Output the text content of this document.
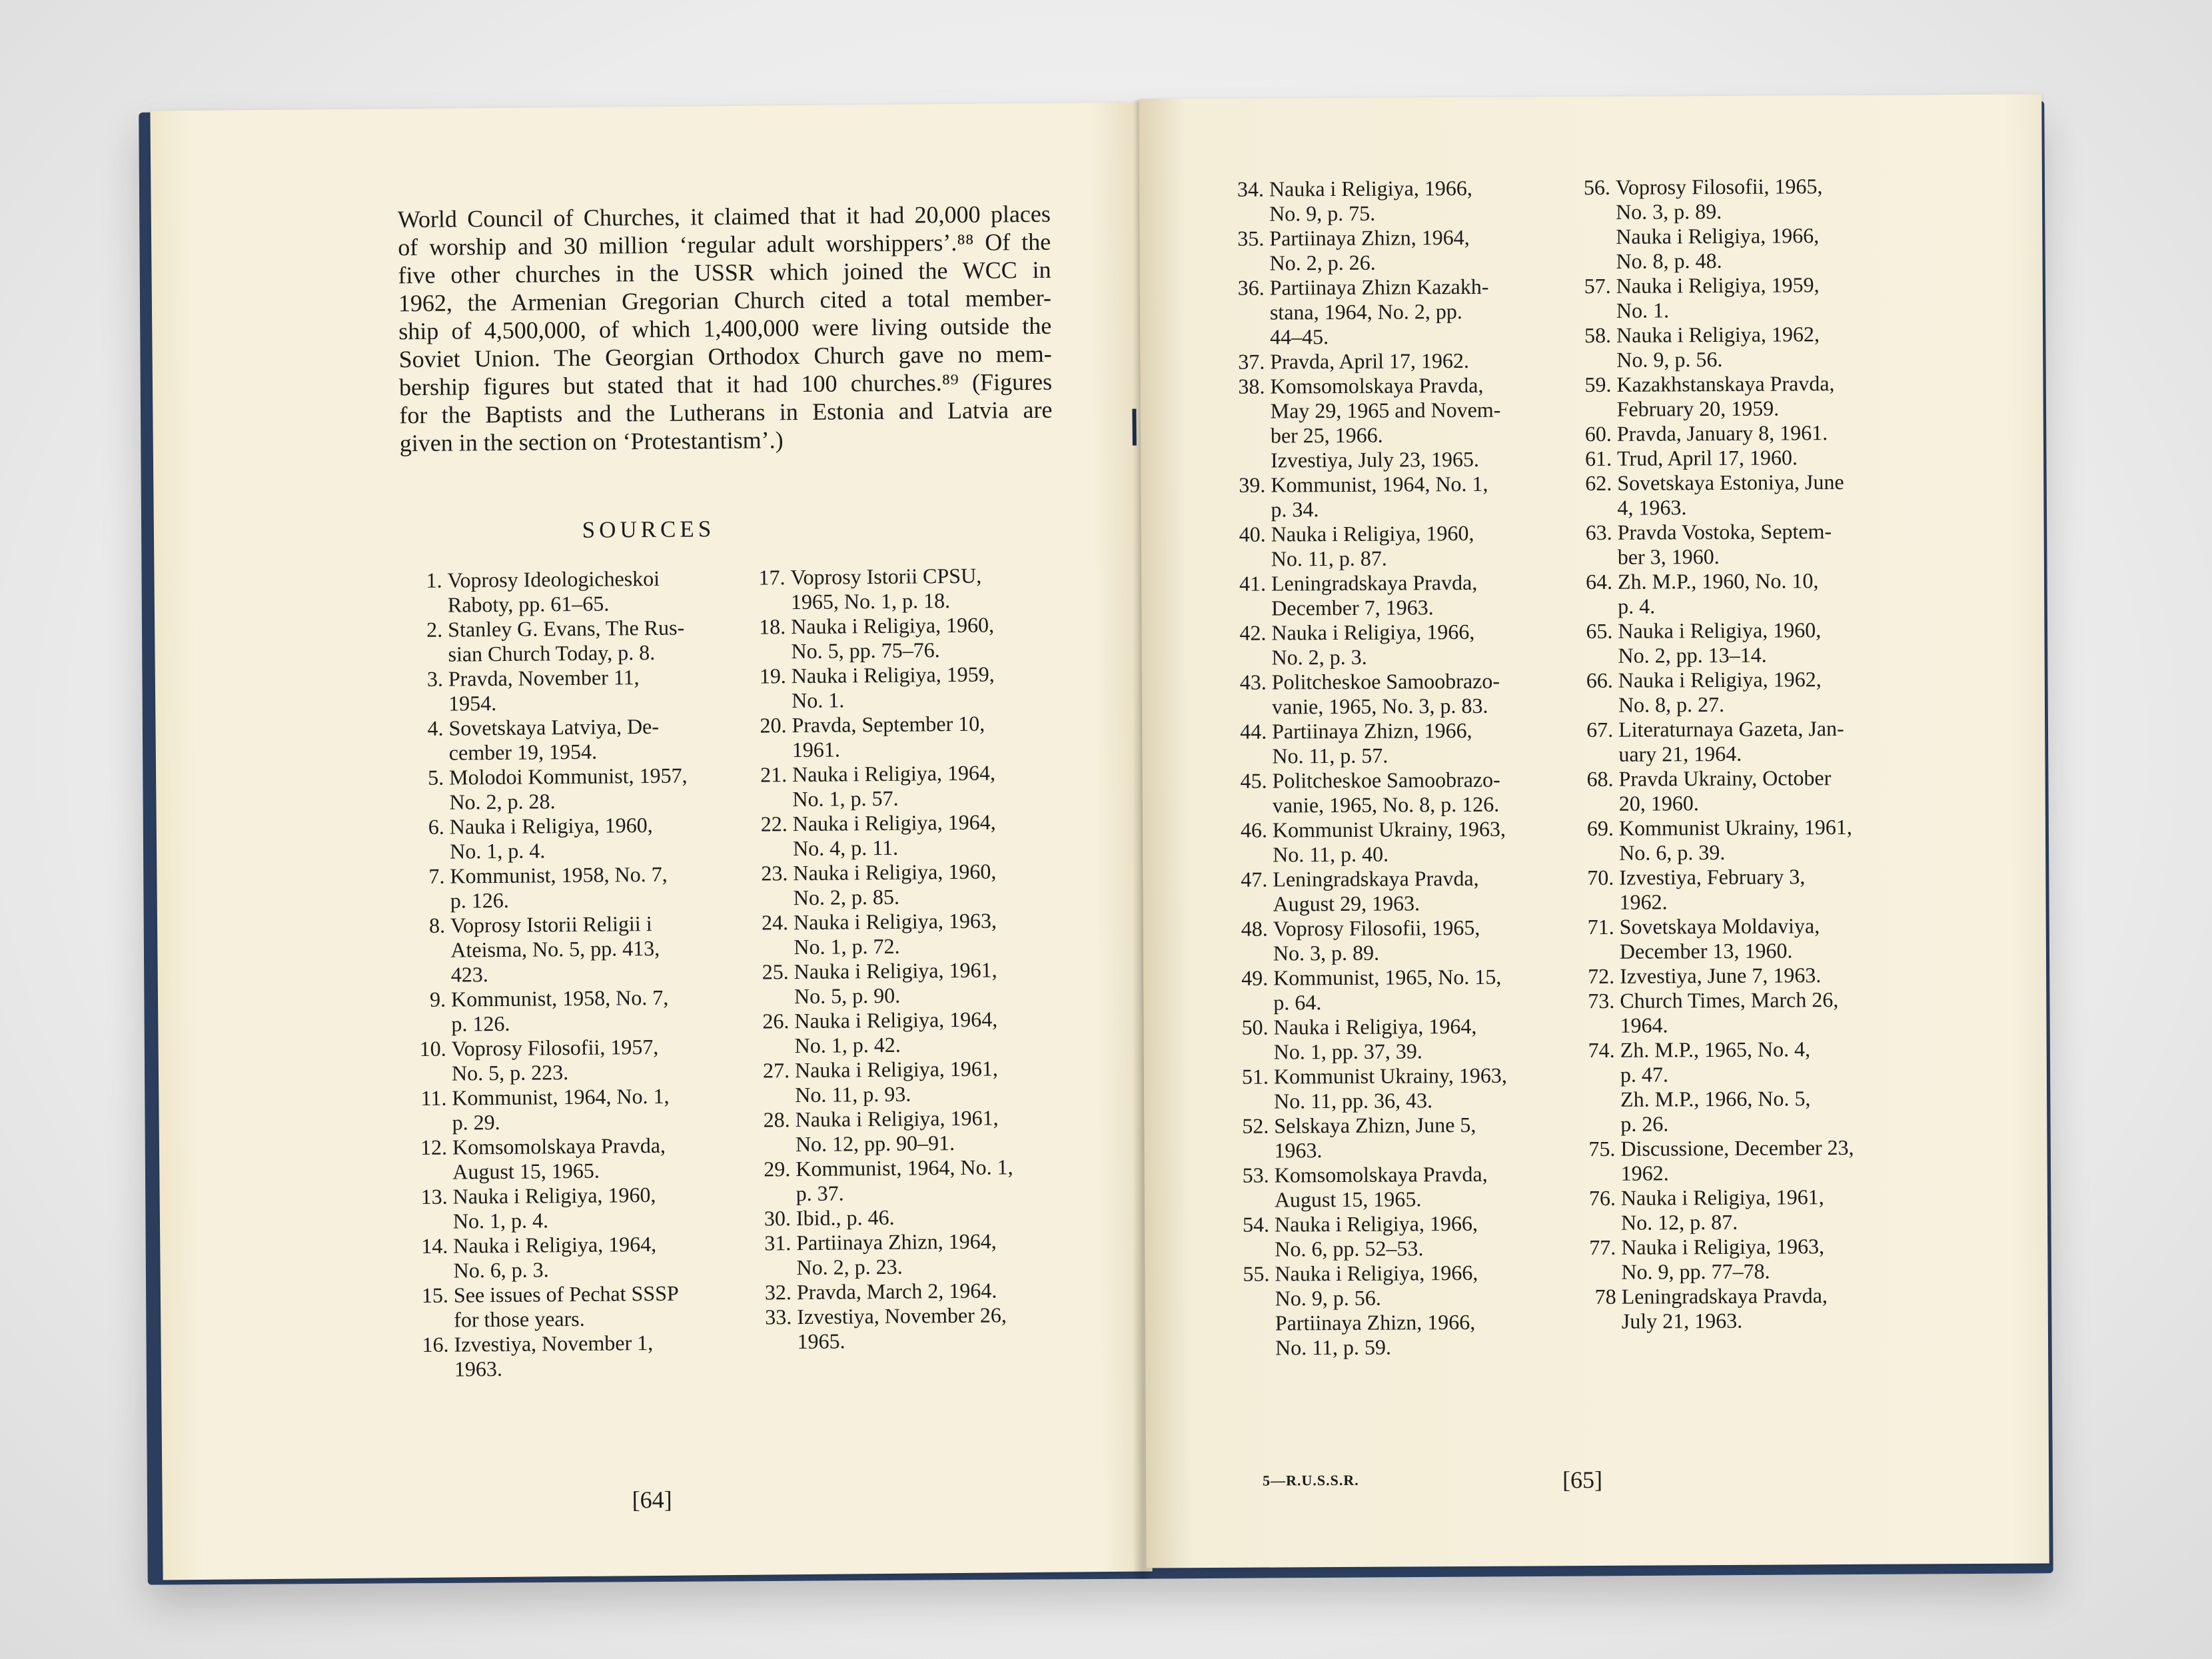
World Council of Churches, it claimed that it had 20,000 places
of worship and 30 million ‘regular adult worshippers’.⁸⁸ Of the
five other churches in the USSR which joined the WCC in
1962, the Armenian Gregorian Church cited a total member-
ship of 4,500,000, of which 1,400,000 were living outside the
Soviet Union. The Georgian Orthodox Church gave no mem-
bership figures but stated that it had 100 churches.⁸⁹ (Figures
for the Baptists and the Lutherans in Estonia and Latvia are
given in the section on ‘Protestantism’.)
SOURCES
1. Voprosy Ideologicheskoi
Raboty, pp. 61–65.
2. Stanley G. Evans, The Rus-
sian Church Today, p. 8.
3. Pravda, November 11,
1954.
4. Sovetskaya Latviya, De-
cember 19, 1954.
5. Molodoi Kommunist, 1957,
No. 2, p. 28.
6. Nauka i Religiya, 1960,
No. 1, p. 4.
7. Kommunist, 1958, No. 7,
p. 126.
8. Voprosy Istorii Religii i
Ateisma, No. 5, pp. 413,
423.
9. Kommunist, 1958, No. 7,
p. 126.
10. Voprosy Filosofii, 1957,
No. 5, p. 223.
11. Kommunist, 1964, No. 1,
p. 29.
12. Komsomolskaya Pravda,
August 15, 1965.
13. Nauka i Religiya, 1960,
No. 1, p. 4.
14. Nauka i Religiya, 1964,
No. 6, p. 3.
15. See issues of Pechat SSSP
for those years.
16. Izvestiya, November 1,
1963.
17. Voprosy Istorii CPSU,
1965, No. 1, p. 18.
18. Nauka i Religiya, 1960,
No. 5, pp. 75–76.
19. Nauka i Religiya, 1959,
No. 1.
20. Pravda, September 10,
1961.
21. Nauka i Religiya, 1964,
No. 1, p. 57.
22. Nauka i Religiya, 1964,
No. 4, p. 11.
23. Nauka i Religiya, 1960,
No. 2, p. 85.
24. Nauka i Religiya, 1963,
No. 1, p. 72.
25. Nauka i Religiya, 1961,
No. 5, p. 90.
26. Nauka i Religiya, 1964,
No. 1, p. 42.
27. Nauka i Religiya, 1961,
No. 11, p. 93.
28. Nauka i Religiya, 1961,
No. 12, pp. 90–91.
29. Kommunist, 1964, No. 1,
p. 37.
30. Ibid., p. 46.
31. Partiinaya Zhizn, 1964,
No. 2, p. 23.
32. Pravda, March 2, 1964.
33. Izvestiya, November 26,
1965.
[64]
34. Nauka i Religiya, 1966,
No. 9, p. 75.
35. Partiinaya Zhizn, 1964,
No. 2, p. 26.
36. Partiinaya Zhizn Kazakh-
stana, 1964, No. 2, pp.
44–45.
37. Pravda, April 17, 1962.
38. Komsomolskaya Pravda,
May 29, 1965 and Novem-
ber 25, 1966.
Izvestiya, July 23, 1965.
39. Kommunist, 1964, No. 1,
p. 34.
40. Nauka i Religiya, 1960,
No. 11, p. 87.
41. Leningradskaya Pravda,
December 7, 1963.
42. Nauka i Religiya, 1966,
No. 2, p. 3.
43. Politcheskoe Samoobrazo-
vanie, 1965, No. 3, p. 83.
44. Partiinaya Zhizn, 1966,
No. 11, p. 57.
45. Politcheskoe Samoobrazo-
vanie, 1965, No. 8, p. 126.
46. Kommunist Ukrainy, 1963,
No. 11, p. 40.
47. Leningradskaya Pravda,
August 29, 1963.
48. Voprosy Filosofii, 1965,
No. 3, p. 89.
49. Kommunist, 1965, No. 15,
p. 64.
50. Nauka i Religiya, 1964,
No. 1, pp. 37, 39.
51. Kommunist Ukrainy, 1963,
No. 11, pp. 36, 43.
52. Selskaya Zhizn, June 5,
1963.
53. Komsomolskaya Pravda,
August 15, 1965.
54. Nauka i Religiya, 1966,
No. 6, pp. 52–53.
55. Nauka i Religiya, 1966,
No. 9, p. 56.
Partiinaya Zhizn, 1966,
No. 11, p. 59.
56. Voprosy Filosofii, 1965,
No. 3, p. 89.
Nauka i Religiya, 1966,
No. 8, p. 48.
57. Nauka i Religiya, 1959,
No. 1.
58. Nauka i Religiya, 1962,
No. 9, p. 56.
59. Kazakhstanskaya Pravda,
February 20, 1959.
60. Pravda, January 8, 1961.
61. Trud, April 17, 1960.
62. Sovetskaya Estoniya, June
4, 1963.
63. Pravda Vostoka, Septem-
ber 3, 1960.
64. Zh. M.P., 1960, No. 10,
p. 4.
65. Nauka i Religiya, 1960,
No. 2, pp. 13–14.
66. Nauka i Religiya, 1962,
No. 8, p. 27.
67. Literaturnaya Gazeta, Jan-
uary 21, 1964.
68. Pravda Ukrainy, October
20, 1960.
69. Kommunist Ukrainy, 1961,
No. 6, p. 39.
70. Izvestiya, February 3,
1962.
71. Sovetskaya Moldaviya,
December 13, 1960.
72. Izvestiya, June 7, 1963.
73. Church Times, March 26,
1964.
74. Zh. M.P., 1965, No. 4,
p. 47.
Zh. M.P., 1966, No. 5,
p. 26.
75. Discussione, December 23,
1962.
76. Nauka i Religiya, 1961,
No. 12, p. 87.
77. Nauka i Religiya, 1963,
No. 9, pp. 77–78.
78 Leningradskaya Pravda,
July 21, 1963.
5—R.U.S.S.R.	[65]
